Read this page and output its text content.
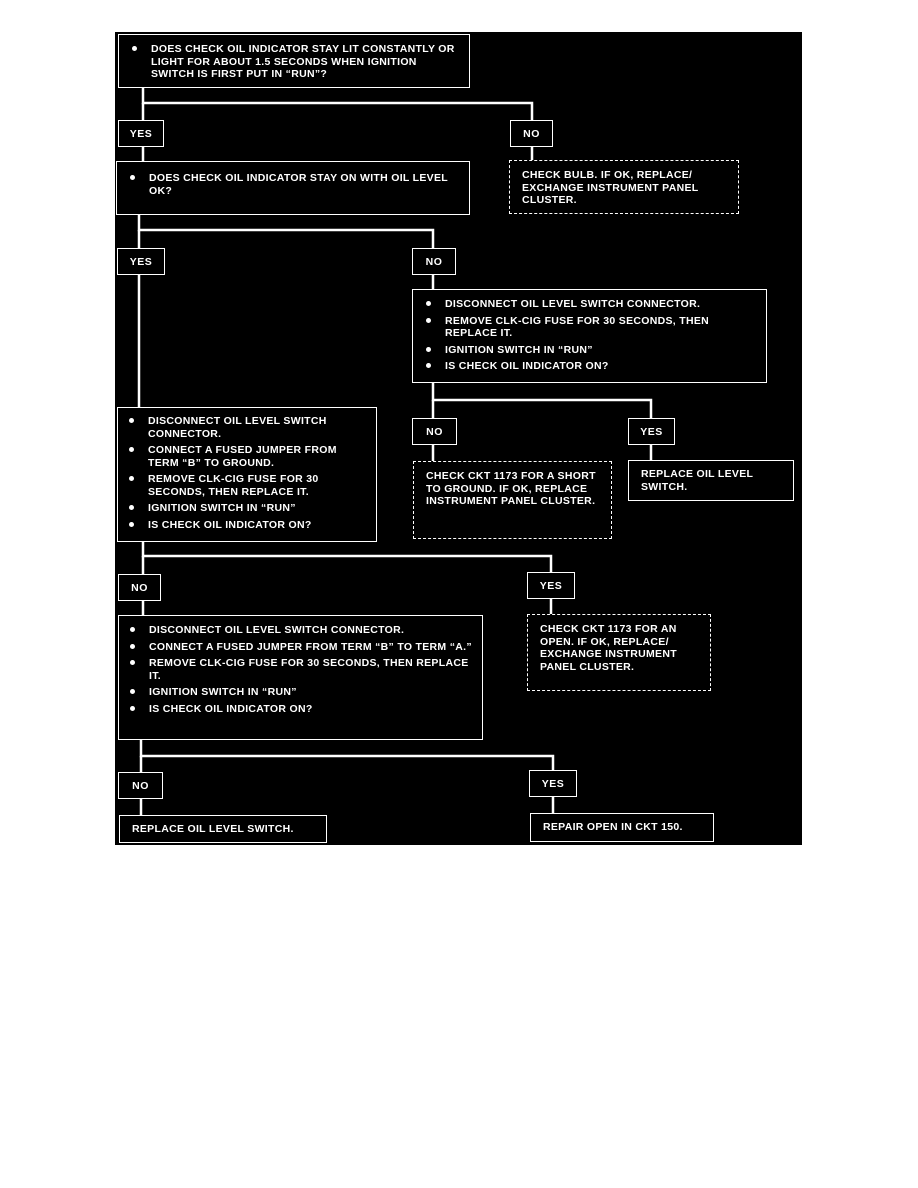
DOES CHECK OIL INDICATOR STAY LIT CONSTANTLY OR LIGHT FOR ABOUT 1.5 SECONDS WHEN IGNITION SWITCH IS FIRST PUT IN “RUN”?
YES	NO
CHECK BULB. IF OK, REPLACE/ EXCHANGE INSTRUMENT PANEL CLUSTER.
DOES CHECK OIL INDICATOR STAY ON WITH OIL LEVEL OK?
YES	NO
DISCONNECT OIL LEVEL SWITCH CONNECTOR.
REMOVE CLK-CIG FUSE FOR 30 SECONDS, THEN REPLACE IT.
IGNITION SWITCH IN “RUN”
IS CHECK OIL INDICATOR ON?
NO	YES
CHECK CKT 1173 FOR A SHORT TO GROUND. IF OK, REPLACE INSTRUMENT PANEL CLUSTER.
REPLACE OIL LEVEL SWITCH.
DISCONNECT OIL LEVEL SWITCH CONNECTOR.
CONNECT A FUSED JUMPER FROM TERM “B” TO GROUND.
REMOVE CLK-CIG FUSE FOR 30 SECONDS, THEN REPLACE IT.
IGNITION SWITCH IN “RUN”
IS CHECK OIL INDICATOR ON?
NO	YES
CHECK CKT 1173 FOR AN OPEN. IF OK, REPLACE/ EXCHANGE INSTRUMENT PANEL CLUSTER.
DISCONNECT OIL LEVEL SWITCH CONNECTOR.
CONNECT A FUSED JUMPER FROM TERM “B” TO TERM “A.”
REMOVE CLK-CIG FUSE FOR 30 SECONDS, THEN REPLACE IT.
IGNITION SWITCH IN “RUN”
IS CHECK OIL INDICATOR ON?
NO	YES
REPLACE OIL LEVEL SWITCH.	REPAIR OPEN IN CKT 150.
